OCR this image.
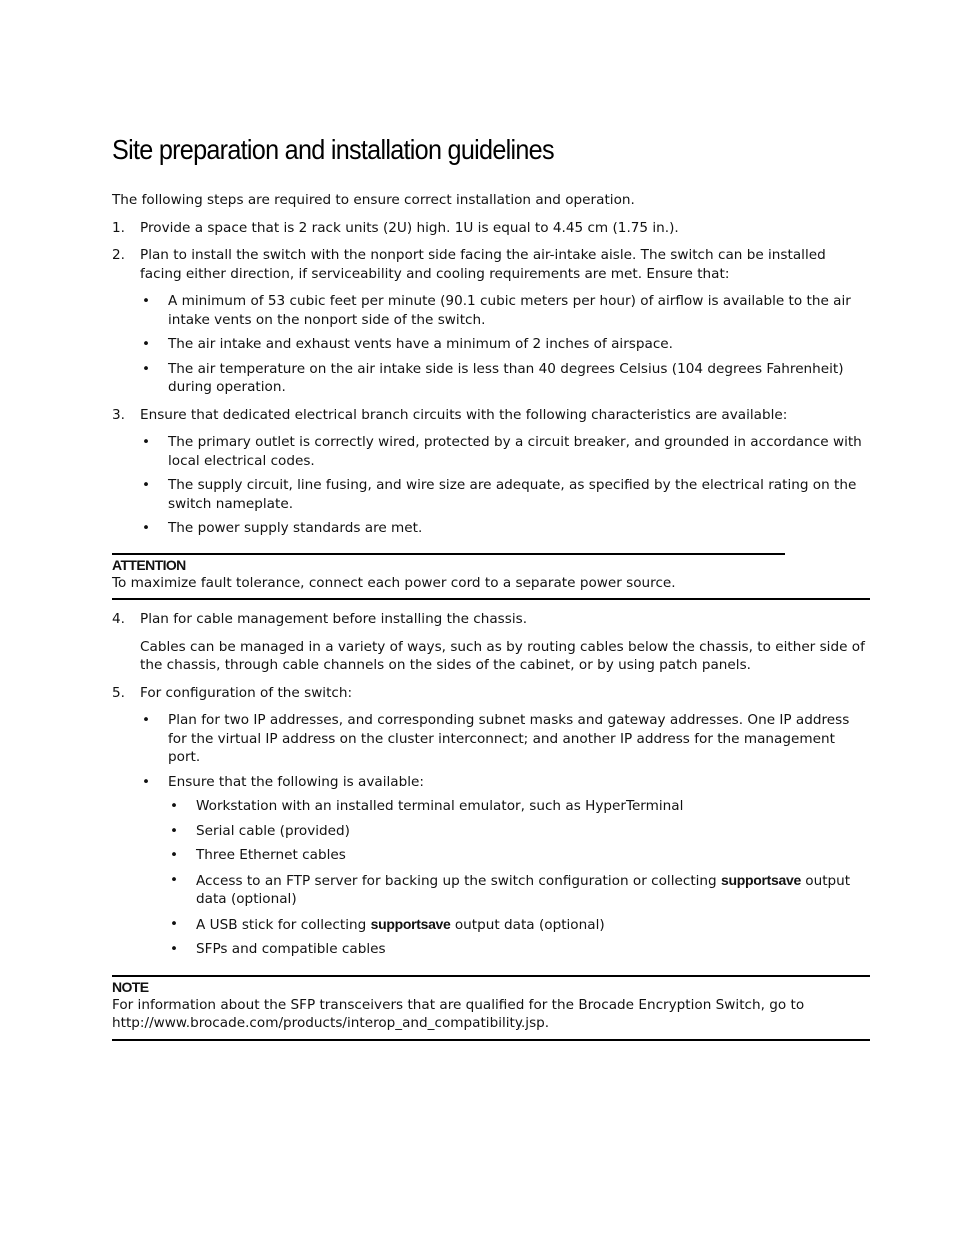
Site preparation and installation guidelines
The following steps are required to ensure correct installation and operation.
1.	Provide a space that is 2 rack units (2U) high. 1U is equal to 4.45 cm (1.75 in.).
2.	Plan to install the switch with the nonport side facing the air-intake aisle. The switch can be installed facing either direction, if serviceability and cooling requirements are met. Ensure that:
•	A minimum of 53 cubic feet per minute (90.1 cubic meters per hour) of airflow is available to the air intake vents on the nonport side of the switch.
•	The air intake and exhaust vents have a minimum of 2 inches of airspace.
•	The air temperature on the air intake side is less than 40 degrees Celsius (104 degrees Fahrenheit) during operation.
3.	Ensure that dedicated electrical branch circuits with the following characteristics are available:
•	The primary outlet is correctly wired, protected by a circuit breaker, and grounded in accordance with local electrical codes.
•	The supply circuit, line fusing, and wire size are adequate, as specified by the electrical rating on the switch nameplate.
•	The power supply standards are met.
ATTENTION
To maximize fault tolerance, connect each power cord to a separate power source.
4.	Plan for cable management before installing the chassis.
Cables can be managed in a variety of ways, such as by routing cables below the chassis, to either side of the chassis, through cable channels on the sides of the cabinet, or by using patch panels.
5.	For configuration of the switch:
•	Plan for two IP addresses, and corresponding subnet masks and gateway addresses. One IP address for the virtual IP address on the cluster interconnect; and another IP address for the management port.
•	Ensure that the following is available:
•	Workstation with an installed terminal emulator, such as HyperTerminal
•	Serial cable (provided)
•	Three Ethernet cables
•	Access to an FTP server for backing up the switch configuration or collecting supportsave output data (optional)
•	A USB stick for collecting supportsave output data (optional)
•	SFPs and compatible cables
NOTE
For information about the SFP transceivers that are qualified for the Brocade Encryption Switch, go to http://www.brocade.com/products/interop_and_compatibility.jsp.
